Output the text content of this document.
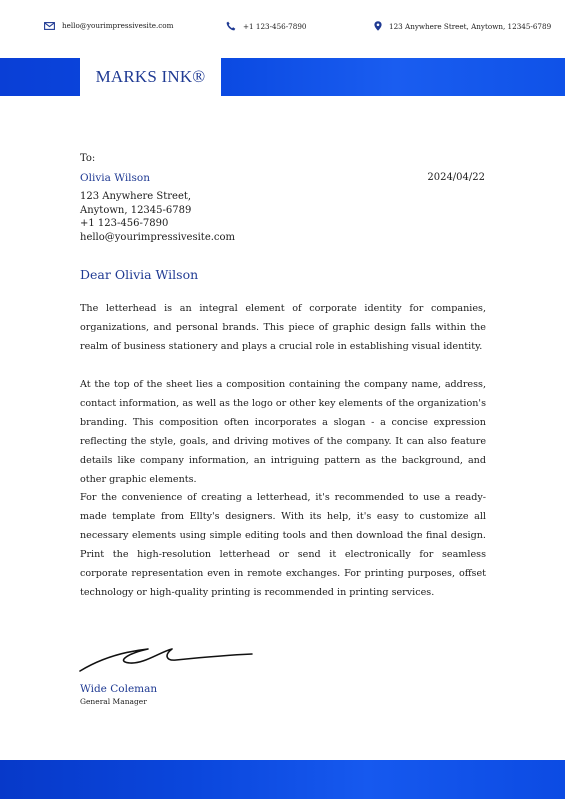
hello@yourimpressivesite.com	+1 123-456-7890	123 Anywhere Street, Anytown, 12345-6789
MARKS INK®
To:
Olivia Wilson	2024/04/22
123 Anywhere Street,
Anytown, 12345-6789
+1 123-456-7890
hello@yourimpressivesite.com
Dear Olivia Wilson

The letterhead is an integral element of corporate identity for companies, organizations, and personal brands. This piece of graphic design falls within the realm of business stationery and plays a crucial role in establishing visual identity.

At the top of the sheet lies a composition containing the company name, address, contact information, as well as the logo or other key elements of the organization's branding. This composition often incorporates a slogan - a concise expression reflecting the style, goals, and driving motives of the company. It can also feature details like company information, an intriguing pattern as the background, and other graphic elements.

For the convenience of creating a letterhead, it's recommended to use a ready-made template from Ellty's designers. With its help, it's easy to customize all necessary elements using simple editing tools and then download the final design. Print the high-resolution letterhead or send it electronically for seamless corporate representation even in remote exchanges. For printing purposes, offset technology or high-quality printing is recommended in printing services.

Wide Coleman
General Manager
